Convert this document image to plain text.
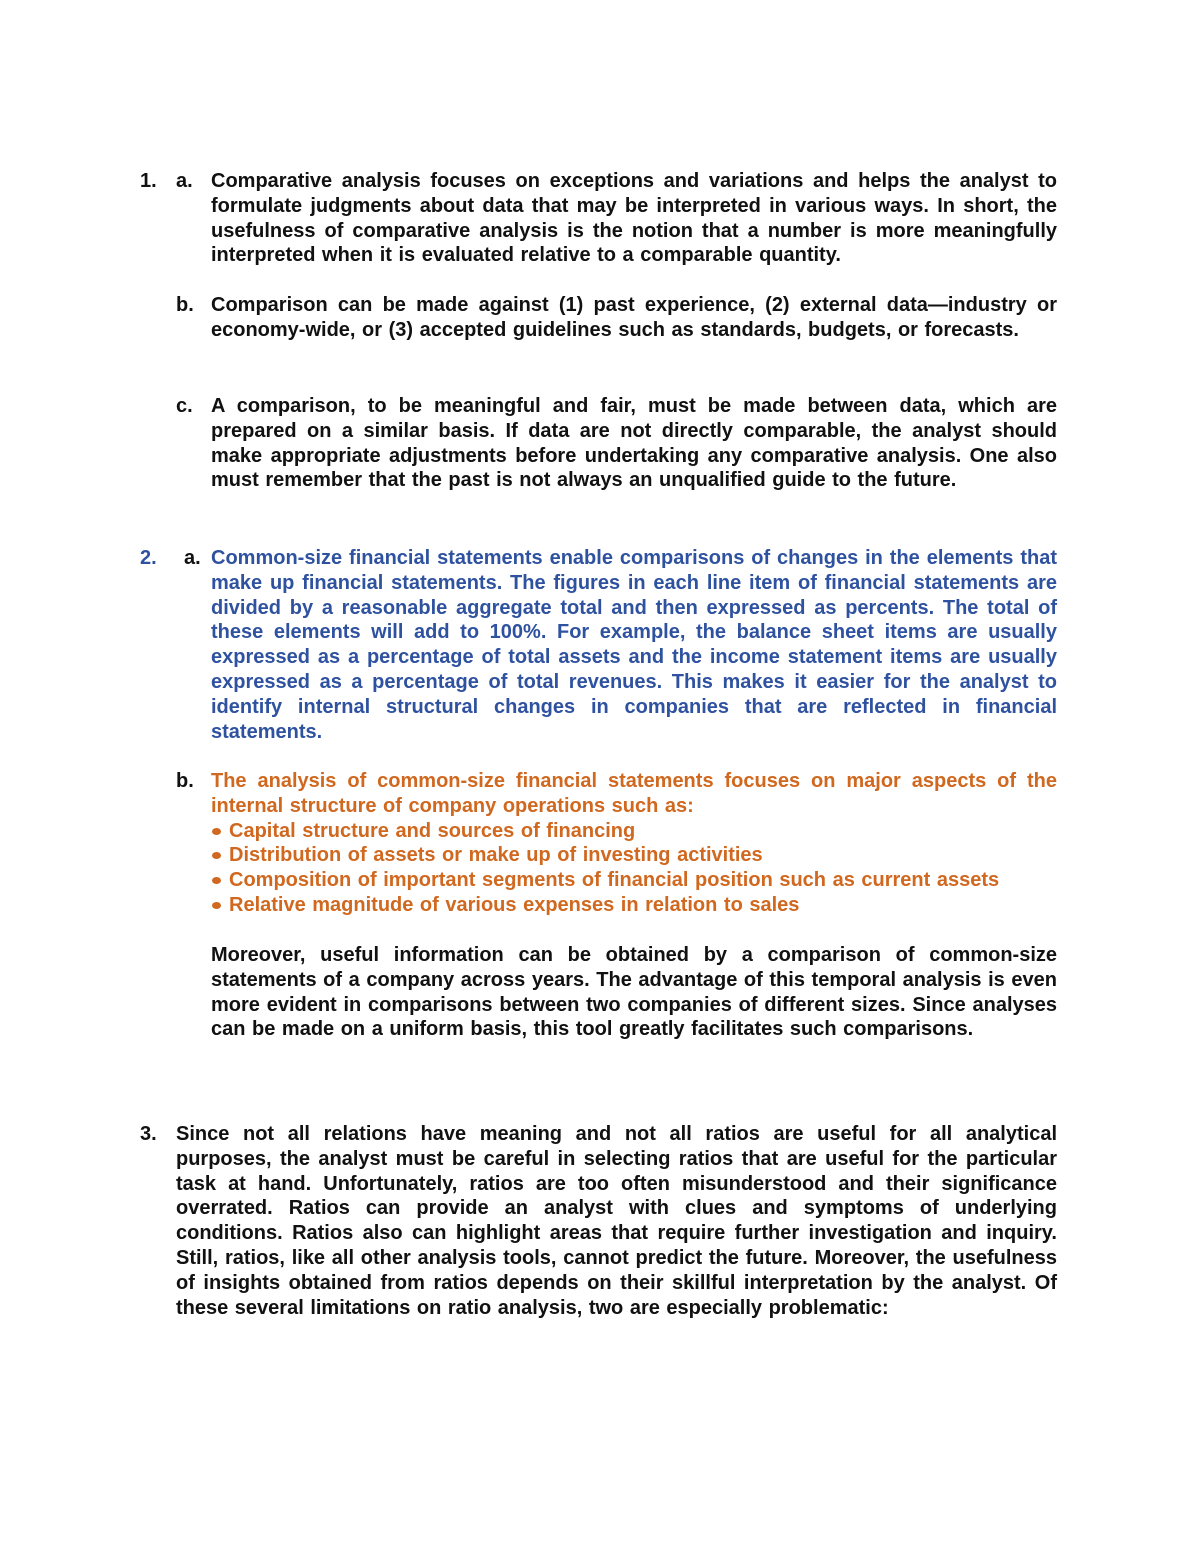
1. a. Comparative analysis focuses on exceptions and variations and helps the analyst to formulate judgments about data that may be interpreted in various ways. In short, the usefulness of comparative analysis is the notion that a number is more meaningfully interpreted when it is evaluated relative to a comparable quantity.

b. Comparison can be made against (1) past experience, (2) external data—industry or economy-wide, or (3) accepted guidelines such as standards, budgets, or forecasts.

c. A comparison, to be meaningful and fair, must be made between data, which are prepared on a similar basis. If data are not directly comparable, the analyst should make appropriate adjustments before undertaking any comparative analysis. One also must remember that the past is not always an unqualified guide to the future.

2. a. Common-size financial statements enable comparisons of changes in the elements that make up financial statements. The figures in each line item of financial statements are divided by a reasonable aggregate total and then expressed as percents. The total of these elements will add to 100%. For example, the balance sheet items are usually expressed as a percentage of total assets and the income statement items are usually expressed as a percentage of total revenues. This makes it easier for the analyst to identify internal structural changes in companies that are reflected in financial statements.

b. The analysis of common-size financial statements focuses on major aspects of the internal structure of company operations such as:

Capital structure and sources of financing
Distribution of assets or make up of investing activities
Composition of important segments of financial position such as current assets
Relative magnitude of various expenses in relation to sales

Moreover, useful information can be obtained by a comparison of common-size statements of a company across years. The advantage of this temporal analysis is even more evident in comparisons between two companies of different sizes. Since analyses can be made on a uniform basis, this tool greatly facilitates such comparisons.

3. Since not all relations have meaning and not all ratios are useful for all analytical purposes, the analyst must be careful in selecting ratios that are useful for the particular task at hand. Unfortunately, ratios are too often misunderstood and their significance overrated. Ratios can provide an analyst with clues and symptoms of underlying conditions. Ratios also can highlight areas that require further investigation and inquiry. Still, ratios, like all other analysis tools, cannot predict the future. Moreover, the usefulness of insights obtained from ratios depends on their skillful interpretation by the analyst. Of these several limitations on ratio analysis, two are especially problematic:
